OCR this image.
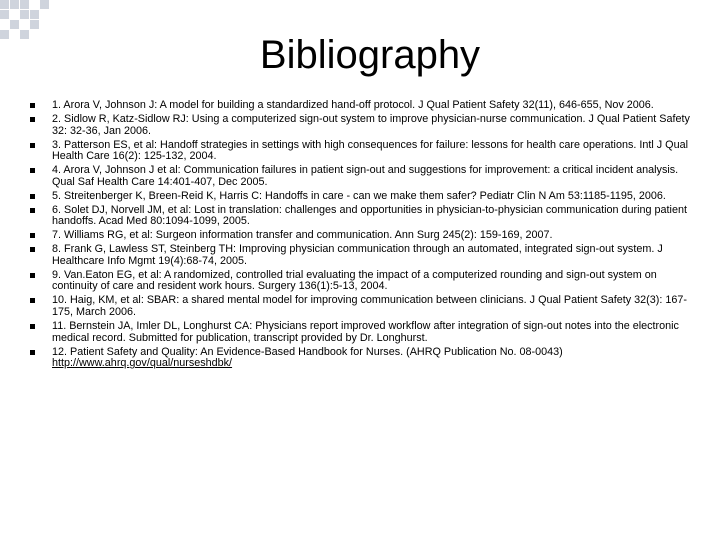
Bibliography
1. Arora V, Johnson J: A model for building a standardized hand-off protocol. J Qual Patient Safety 32(11), 646-655, Nov 2006.
2. Sidlow R, Katz-Sidlow RJ: Using a computerized sign-out system to improve physician-nurse communication. J Qual Patient Safety 32: 32-36, Jan 2006.
3. Patterson ES, et al: Handoff strategies in settings with high consequences for failure: lessons for health care operations. Intl J Qual Health Care 16(2): 125-132, 2004.
4. Arora V, Johnson J et al: Communication failures in patient sign-out and suggestions for improvement: a critical incident analysis. Qual Saf Health Care 14:401-407, Dec 2005.
5. Streitenberger K, Breen-Reid K, Harris C: Handoffs in care - can we make them safer? Pediatr Clin N Am 53:1185-1195, 2006.
6. Solet DJ, Norvell JM, et al: Lost in translation: challenges and opportunities in physician-to-physician communication during patient handoffs. Acad Med 80:1094-1099, 2005.
7. Williams RG, et al: Surgeon information transfer and communication. Ann Surg 245(2): 159-169, 2007.
8. Frank G, Lawless ST, Steinberg TH: Improving physician communication through an automated, integrated sign-out system. J Healthcare Info Mgmt 19(4):68-74, 2005.
9. Van.Eaton EG, et al: A randomized, controlled trial evaluating the impact of a computerized rounding and sign-out system on continuity of care and resident work hours. Surgery 136(1):5-13, 2004.
10. Haig, KM, et al: SBAR: a shared mental model for improving communication between clinicians. J Qual Patient Safety 32(3): 167-175, March 2006.
11. Bernstein JA, Imler DL, Longhurst CA: Physicians report improved workflow after integration of sign-out notes into the electronic medical record. Submitted for publication, transcript provided by Dr. Longhurst.
12. Patient Safety and Quality: An Evidence-Based Handbook for Nurses. (AHRQ Publication No. 08-0043)
http://www.ahrq.gov/qual/nurseshdbk/
